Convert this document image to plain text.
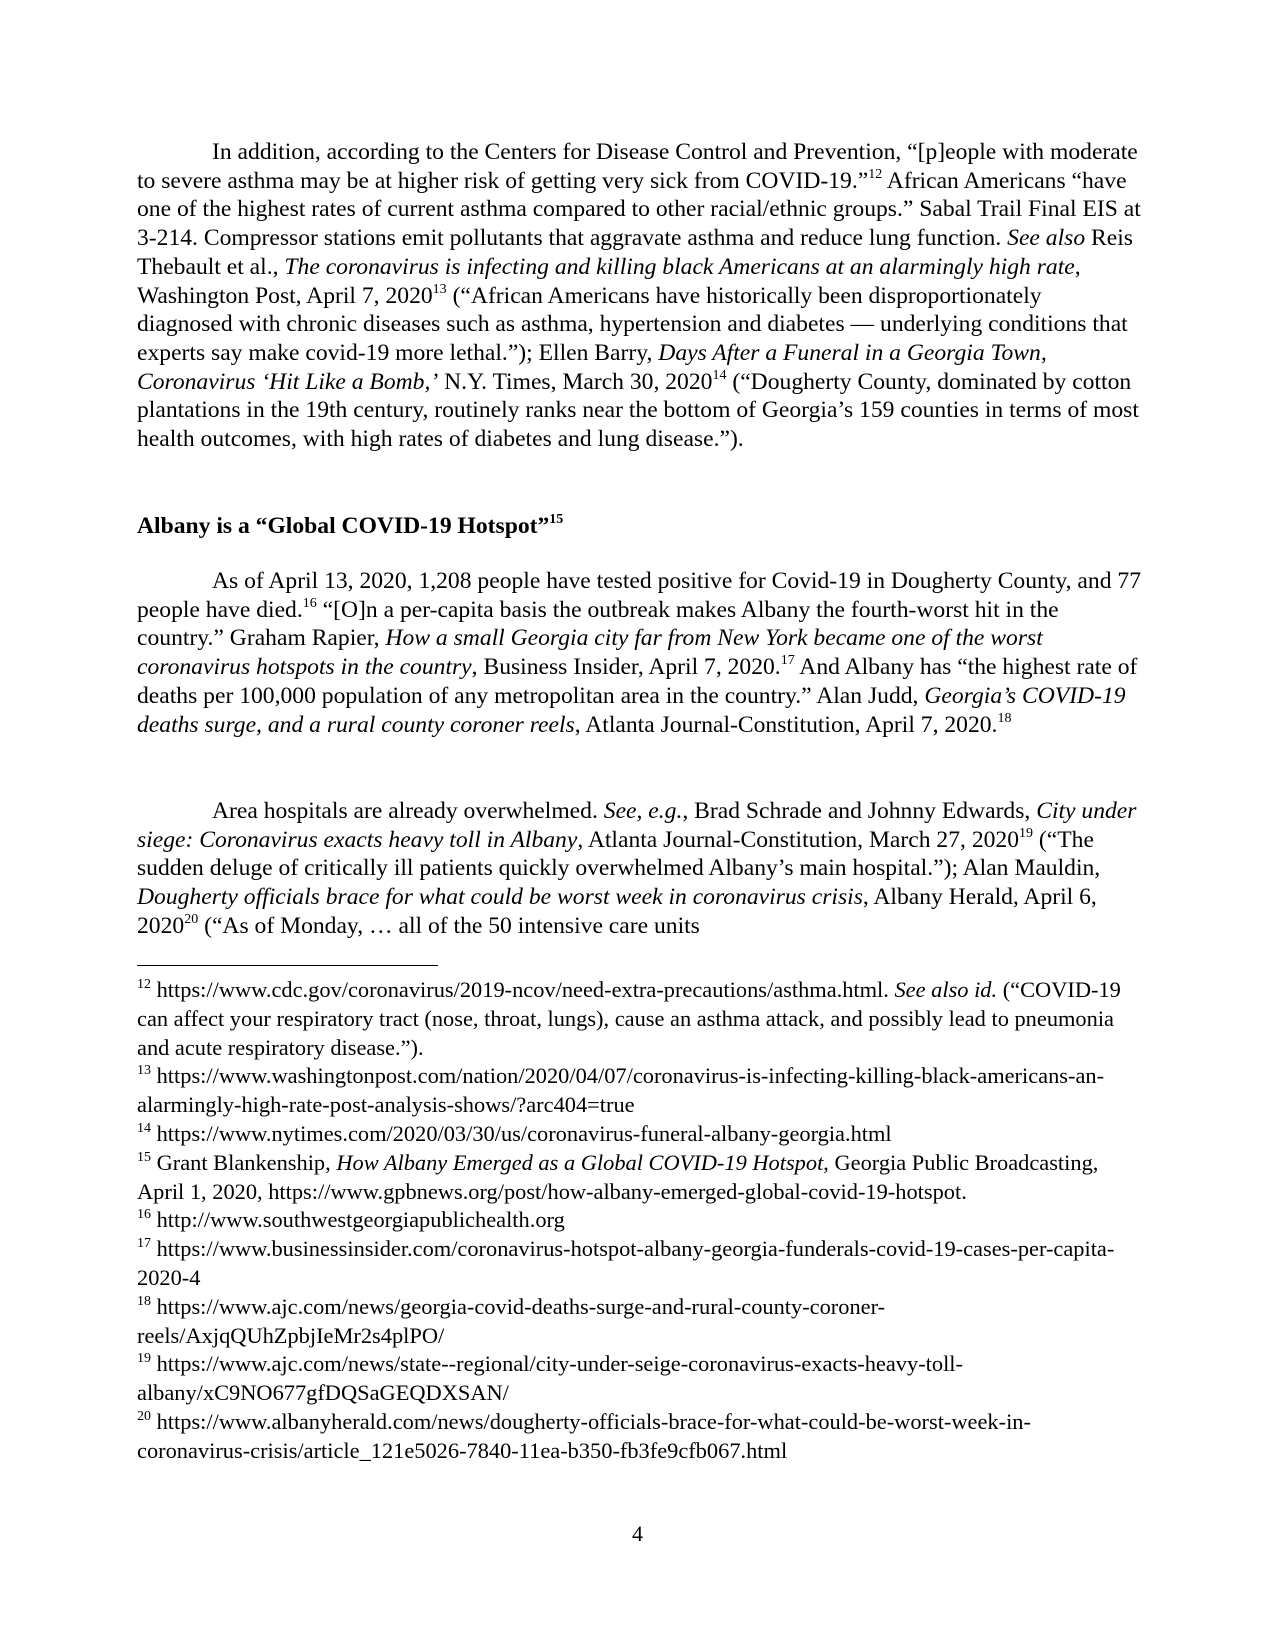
In addition, according to the Centers for Disease Control and Prevention, “[p]eople with moderate to severe asthma may be at higher risk of getting very sick from COVID-19.”$^{12}$ African Americans “have one of the highest rates of current asthma compared to other racial/ethnic groups.” Sabal Trail Final EIS at 3-214. Compressor stations emit pollutants that aggravate asthma and reduce lung function. See also Reis Thebault et al., The coronavirus is infecting and killing black Americans at an alarmingly high rate, Washington Post, April 7, 2020$^{13}$ (“African Americans have historically been disproportionately diagnosed with chronic diseases such as asthma, hypertension and diabetes — underlying conditions that experts say make covid-19 more lethal.”); Ellen Barry, Days After a Funeral in a Georgia Town, Coronavirus ‘Hit Like a Bomb,’ N.Y. Times, March 30, 2020$^{14}$ (“Dougherty County, dominated by cotton plantations in the 19th century, routinely ranks near the bottom of Georgia’s 159 counties in terms of most health outcomes, with high rates of diabetes and lung disease.”).

Albany is a “Global COVID-19 Hotspot”$^{15}$

As of April 13, 2020, 1,208 people have tested positive for Covid-19 in Dougherty County, and 77 people have died.$^{16}$ “[O]n a per-capita basis the outbreak makes Albany the fourth-worst hit in the country.” Graham Rapier, How a small Georgia city far from New York became one of the worst coronavirus hotspots in the country, Business Insider, April 7, 2020.17 And Albany has “the highest rate of deaths per 100,000 population of any metropolitan area in the country.” Alan Judd, Georgia’s COVID-19 deaths surge, and a rural county coroner reels, Atlanta Journal-Constitution, April 7, 2020.18

Area hospitals are already overwhelmed. See, e.g., Brad Schrade and Johnny Edwards, City under siege: Coronavirus exacts heavy toll in Albany, Atlanta Journal-Constitution, March 27, 2020$^{19}$ (“The sudden deluge of critically ill patients quickly overwhelmed Albany’s main hospital.”); Alan Mauldin, Dougherty officials brace for what could be worst week in coronavirus crisis, Albany Herald, April 6, 2020$^{20}$ (“As of Monday, … all of the 50 intensive care units

$^{12}$ https://www.cdc.gov/coronavirus/2019-ncov/need-extra-precautions/asthma.html. See also id. (“COVID-19 can affect your respiratory tract (nose, throat, lungs), cause an asthma attack, and possibly lead to pneumonia and acute respiratory disease.”).

$^{13}$ https://www.washingtonpost.com/nation/2020/04/07/coronavirus-is-infecting-killing-black-americans-an-alarmingly-high-rate-post-analysis-shows/?arc404=true

$^{14}$ https://www.nytimes.com/2020/03/30/us/coronavirus-funeral-albany-georgia.html

$^{15}$ Grant Blankenship, How Albany Emerged as a Global COVID-19 Hotspot, Georgia Public Broadcasting, April 1, 2020, https://www.gpbnews.org/post/how-albany-emerged-global-covid-19-hotspot.

$^{16}$ http://www.southwestgeorgiapublichealth.org

$^{17}$ https://www.businessinsider.com/coronavirus-hotspot-albany-georgia-funderals-covid-19-cases-per-capita-2020-4

$^{18}$ https://www.ajc.com/news/georgia-covid-deaths-surge-and-rural-county-coroner-reels/AxjqQUhZpbjIeMr2s4plPO/

$^{19}$ https://www.ajc.com/news/state--regional/city-under-seige-coronavirus-exacts-heavy-toll-albany/xC9NO677gfDQSaGEQDXSAN/

$^{20}$ https://www.albanyherald.com/news/dougherty-officials-brace-for-what-could-be-worst-week-in-coronavirus-crisis/article_121e5026-7840-11ea-b350-fb3fe9cfb067.html

4
